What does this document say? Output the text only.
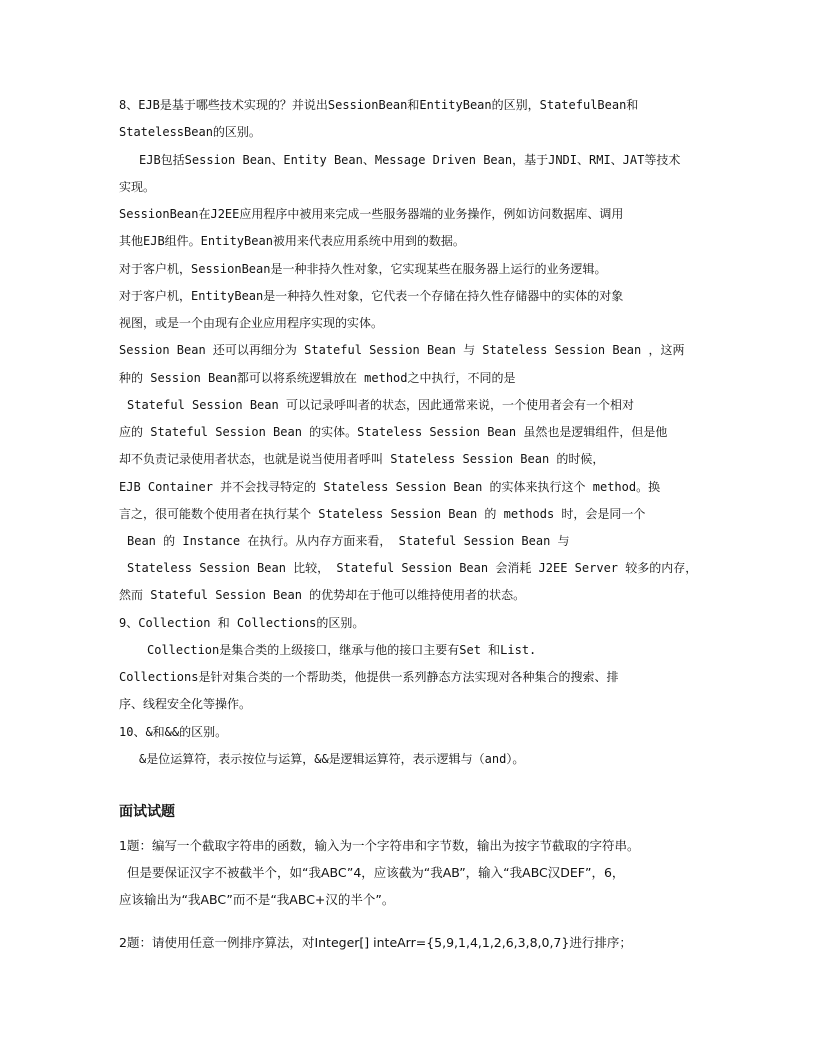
8、EJB是基于哪些技术实现的？并说出SessionBean和EntityBean的区别，StatefulBean和

StatelessBean的区别。

EJB包括Session Bean、Entity Bean、Message Driven Bean，基于JNDI、RMI、JAT等技术

实现。

SessionBean在J2EE应用程序中被用来完成一些服务器端的业务操作，例如访问数据库、调用

其他EJB组件。EntityBean被用来代表应用系统中用到的数据。

对于客户机，SessionBean是一种非持久性对象，它实现某些在服务器上运行的业务逻辑。

对于客户机，EntityBean是一种持久性对象，它代表一个存储在持久性存储器中的实体的对象

视图，或是一个由现有企业应用程序实现的实体。

Session Bean 还可以再细分为 Stateful Session Bean 与 Stateless Session Bean ，这两

种的 Session Bean都可以将系统逻辑放在 method之中执行，不同的是

Stateful Session Bean 可以记录呼叫者的状态，因此通常来说，一个使用者会有一个相对

应的 Stateful Session Bean 的实体。Stateless Session Bean 虽然也是逻辑组件，但是他

却不负责记录使用者状态，也就是说当使用者呼叫 Stateless Session Bean 的时候，

EJB Container 并不会找寻特定的 Stateless Session Bean 的实体来执行这个 method。换

言之，很可能数个使用者在执行某个 Stateless Session Bean 的 methods 时，会是同一个

Bean 的 Instance 在执行。从内存方面来看， Stateful Session Bean 与

Stateless Session Bean 比较， Stateful Session Bean 会消耗 J2EE Server 较多的内存，

然而 Stateful Session Bean 的优势却在于他可以维持使用者的状态。

9、Collection 和 Collections的区别。

Collection是集合类的上级接口，继承与他的接口主要有Set 和List.

Collections是针对集合类的一个帮助类，他提供一系列静态方法实现对各种集合的搜索、排

序、线程安全化等操作。

10、&和&&的区别。

&是位运算符，表示按位与运算，&&是逻辑运算符，表示逻辑与（and）。

面试试题

1题：编写一个截取字符串的函数，输入为一个字符串和字节数，输出为按字节截取的字符串。

但是要保证汉字不被截半个，如“我ABC”4，应该截为“我AB”，输入“我ABC汉DEF”，6，

应该输出为“我ABC”而不是“我ABC+汉的半个”。

2题：请使用任意一例排序算法，对Integer[] inteArr={5,9,1,4,1,2,6,3,8,0,7}进行排序；
